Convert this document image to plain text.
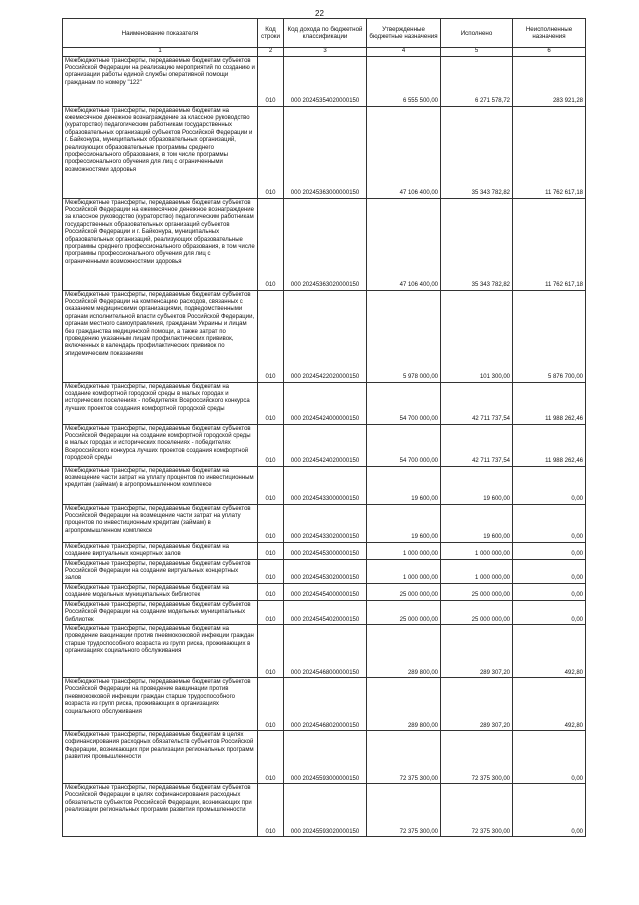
22
Наименование показателя	Код строки	Код дохода по бюджетной классификации	Утвержденные бюджетные назначения	Исполнено	Неисполненные назначения
1	2	3	4	5	6
Межбюджетные трансферты, передаваемые бюджетам субъектов Российской Федерации на реализацию мероприятий по созданию и организации работы единой службы оперативной помощи гражданам по номеру "122"	010	000 20245354020000150	6 555 500,00	6 271 578,72	283 921,28
Межбюджетные трансферты, передаваемые бюджетам на ежемесячное денежное вознаграждение за классное руководство (кураторство) педагогическим работникам государственных образовательных организаций субъектов Российской Федерации и г. Байконура, муниципальных образовательных организаций, реализующих образовательные программы среднего профессионального образования, в том числе программы профессионального обучения для лиц с ограниченными возможностями здоровья	010	000 20245363000000150	47 106 400,00	35 343 782,82	11 762 617,18
Межбюджетные трансферты, передаваемые бюджетам субъектов Российской Федерации на ежемесячное денежное вознаграждение за классное руководство (кураторство) педагогическим работникам государственных образовательных организаций субъектов Российской Федерации и г. Байконура, муниципальных образовательных организаций, реализующих образовательные программы среднего профессионального образования, в том числе программы профессионального обучения для лиц с ограниченными возможностями здоровья	010	000 20245363020000150	47 106 400,00	35 343 782,82	11 762 617,18
Межбюджетные трансферты, передаваемые бюджетам субъектов Российской Федерации на компенсацию расходов, связанных с оказанием медицинскими организациями, подведомственными органам исполнительной власти субъектов Российской Федерации, органам местного самоуправления, гражданам Украины и лицам без гражданства медицинской помощи, а также затрат по проведению указанным лицам профилактических прививок, включенных в календарь профилактических прививок по эпидемическим показаниям	010	000 20245422020000150	5 978 000,00	101 300,00	5 876 700,00
Межбюджетные трансферты, передаваемые бюджетам на создание комфортной городской среды в малых городах и исторических поселениях - победителях Всероссийского конкурса лучших проектов создания комфортной городской среды	010	000 20245424000000150	54 700 000,00	42 711 737,54	11 988 262,46
Межбюджетные трансферты, передаваемые бюджетам субъектов Российской Федерации на создание комфортной городской среды в малых городах и исторических поселениях - победителях Всероссийского конкурса лучших проектов создания комфортной городской среды	010	000 20245424020000150	54 700 000,00	42 711 737,54	11 988 262,46
Межбюджетные трансферты, передаваемые бюджетам на возмещение части затрат на уплату процентов по инвестиционным кредитам (займам) в агропромышленном комплексе	010	000 20245433000000150	19 600,00	19 600,00	0,00
Межбюджетные трансферты, передаваемые бюджетам субъектов Российской Федерации на возмещение части затрат на уплату процентов по инвестиционным кредитам (займам) в агропромышленном комплексе	010	000 20245433020000150	19 600,00	19 600,00	0,00
Межбюджетные трансферты, передаваемые бюджетам на создание виртуальных концертных залов	010	000 20245453000000150	1 000 000,00	1 000 000,00	0,00
Межбюджетные трансферты, передаваемые бюджетам субъектов Российской Федерации на создание виртуальных концертных залов	010	000 20245453020000150	1 000 000,00	1 000 000,00	0,00
Межбюджетные трансферты, передаваемые бюджетам на создание модельных муниципальных библиотек	010	000 20245454000000150	25 000 000,00	25 000 000,00	0,00
Межбюджетные трансферты, передаваемые бюджетам субъектов Российской Федерации на создание модельных муниципальных библиотек	010	000 20245454020000150	25 000 000,00	25 000 000,00	0,00
Межбюджетные трансферты, передаваемые бюджетам на проведение вакцинации против пневмококковой инфекции граждан старше трудоспособного возраста из групп риска, проживающих в организациях социального обслуживания	010	000 20245468000000150	289 800,00	289 307,20	492,80
Межбюджетные трансферты, передаваемые бюджетам субъектов Российской Федерации на проведение вакцинации против пневмококковой инфекции граждан старше трудоспособного возраста из групп риска, проживающих в организациях социального обслуживания	010	000 20245468020000150	289 800,00	289 307,20	492,80
Межбюджетные трансферты, передаваемые бюджетам в целях софинансирования расходных обязательств субъектов Российской Федерации, возникающих при реализации региональных программ развития промышленности	010	000 20245593000000150	72 375 300,00	72 375 300,00	0,00
Межбюджетные трансферты, передаваемые бюджетам субъектов Российской Федерации в целях софинансирования расходных обязательств субъектов Российской Федерации, возникающих при реализации региональных программ развития промышленности	010	000 20245593020000150	72 375 300,00	72 375 300,00	0,00
